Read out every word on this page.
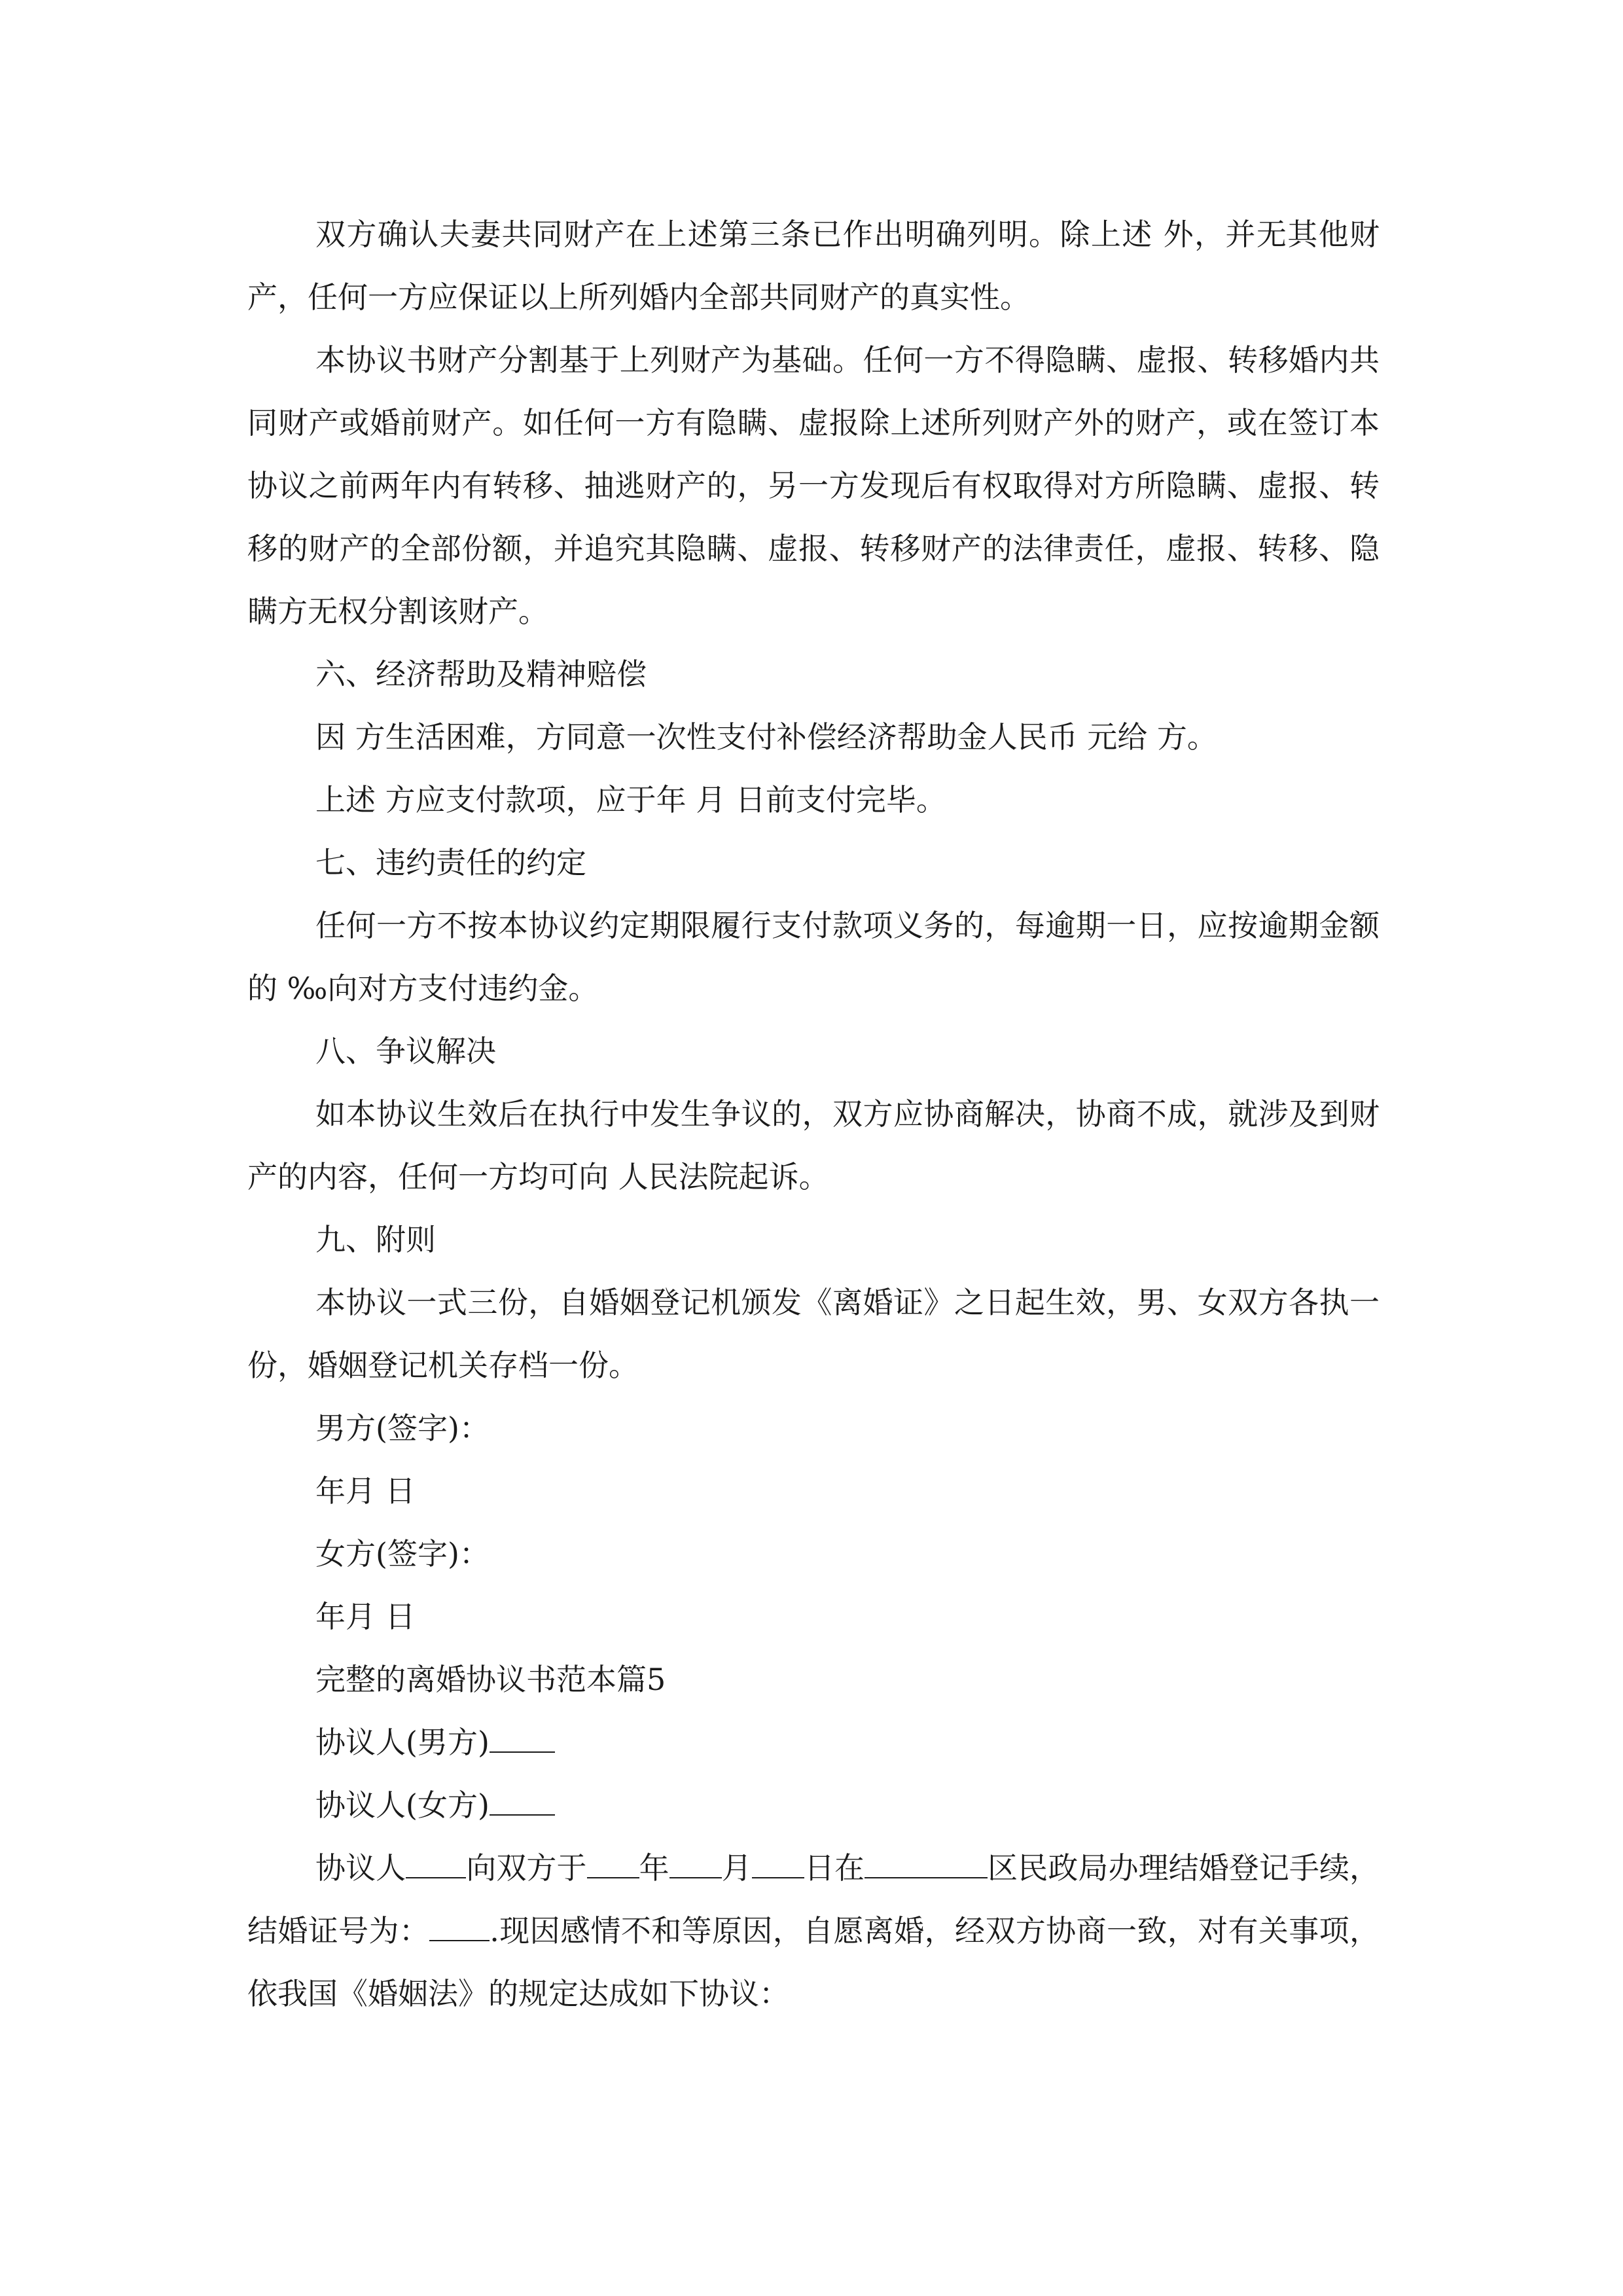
双方确认夫妻共同财产在上述第三条已作出明确列明。除上述 外，并无其他财产，任何一方应保证以上所列婚内全部共同财产的真实性。

本协议书财产分割基于上列财产为基础。任何一方不得隐瞒、虚报、转移婚内共同财产或婚前财产。如任何一方有隐瞒、虚报除上述所列财产外的财产，或在签订本协议之前两年内有转移、抽逃财产的，另一方发现后有权取得对方所隐瞒、虚报、转移的财产的全部份额，并追究其隐瞒、虚报、转移财产的法律责任，虚报、转移、隐瞒方无权分割该财产。

六、经济帮助及精神赔偿

因 方生活困难，方同意一次性支付补偿经济帮助金人民币 元给 方。

上述 方应支付款项，应于年 月 日前支付完毕。

七、违约责任的约定

任何一方不按本协议约定期限履行支付款项义务的，每逾期一日，应按逾期金额的 ‰向对方支付违约金。

八、争议解决

如本协议生效后在执行中发生争议的，双方应协商解决，协商不成，就涉及到财产的内容，任何一方均可向 人民法院起诉。

九、附则

本协议一式三份，自婚姻登记机颁发《离婚证》之日起生效，男、女双方各执一份，婚姻登记机关存档一份。

男方(签字)：

年月 日

女方(签字)：

年月 日

完整的离婚协议书范本篇5

协议人(男方)

协议人(女方)

协议人 向双方于 年 月 日在	区民政局办理结婚登记手续，结婚证号为： .现因感情不和等原因，自愿离婚，经双方协商一致，对有关事项，依我国《婚姻法》的规定达成如下协议：
